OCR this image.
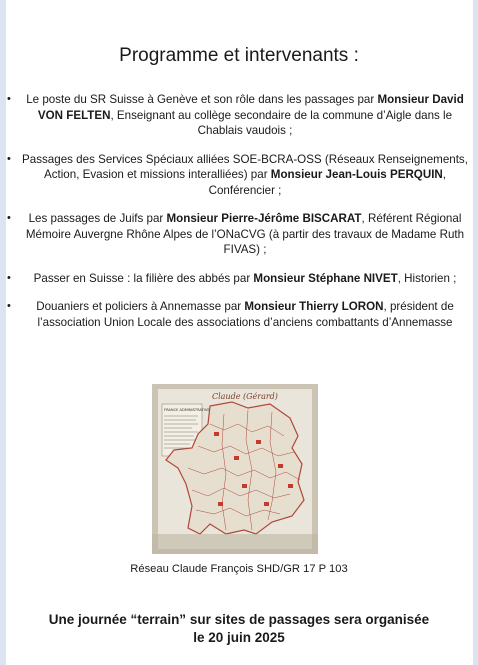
Programme et intervenants :
• Le poste du SR Suisse à Genève et son rôle dans les passages par Monsieur David VON FELTEN, Enseignant au collège secondaire de la commune d’Aigle dans le Chablais vaudois ;
• Passages des Services Spéciaux alliées SOE-BCRA-OSS (Réseaux Renseignements, Action, Evasion et missions interalliées) par Monsieur Jean-Louis PERQUIN, Conférencier ;
• Les passages de Juifs par Monsieur Pierre-Jérôme BISCARAT, Référent Régional Mémoire Auvergne Rhône Alpes de l’ONaCVG (à partir des travaux de Madame Ruth FIVAS) ;
• Passer en Suisse : la filière des abbés par Monsieur Stéphane NIVET, Historien ;
• Douaniers et policiers à Annemasse par Monsieur Thierry LORON, président de l’association Union Locale des associations d’anciens combattants d’Annemasse
Claude (Gérard)
FRANCE ADMINISTRATIVE
Réseau Claude François SHD/GR 17 P 103
Une journée “terrain” sur sites de passages sera organisée
le 20 juin 2025
